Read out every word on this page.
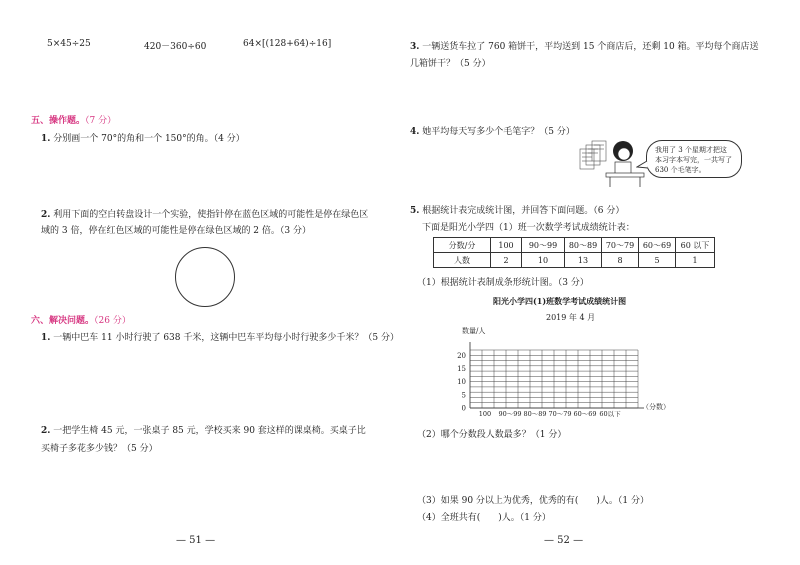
5×45÷25	420－360÷60	64×[(128+64)÷16]
五、操作题。（7 分）
1. 分别画一个 70°的角和一个 150°的角。（4 分）
2. 利用下面的空白转盘设计一个实验，使指针停在蓝色区域的可能性是停在绿色区域的 3 倍，停在红色区域的可能性是停在绿色区域的 2 倍。（3 分）
六、解决问题。（26 分）
1. 一辆中巴车 11 小时行驶了 638 千米，这辆中巴车平均每小时行驶多少千米？（5 分）
2. 一把学生椅 45 元，一张桌子 85 元，学校买来 90 套这样的课桌椅。买桌子比买椅子多花多少钱？（5 分）
— 51 —
3. 一辆送货车拉了 760 箱饼干，平均送到 15 个商店后，还剩 10 箱。平均每个商店送几箱饼干？（5 分）
4. 她平均每天写多少个毛笔字？（5 分）
我用了 3 个星期才把这本习字本写完，一共写了 630 个毛笔字。
5. 根据统计表完成统计图，并回答下面问题。（6 分）
下面是阳光小学四（1）班一次数学考试成绩统计表：
分数/分	100	90～99	80～89	70～79	60～69	60 以下
人数	2	10	13	8	5	1
（1）根据统计表制成条形统计图。（3 分）
阳光小学四(1)班数学考试成绩统计图
2019 年 4 月
数量/人
0
5
10
15
20
100 90～99 80～89 70～79 60～69 60以下
（分数）
（2）哪个分数段人数最多？（1 分）
（3）如果 90 分以上为优秀，优秀的有(　　)人。（1 分）
（4）全班共有(　　)人。（1 分）
— 52 —
